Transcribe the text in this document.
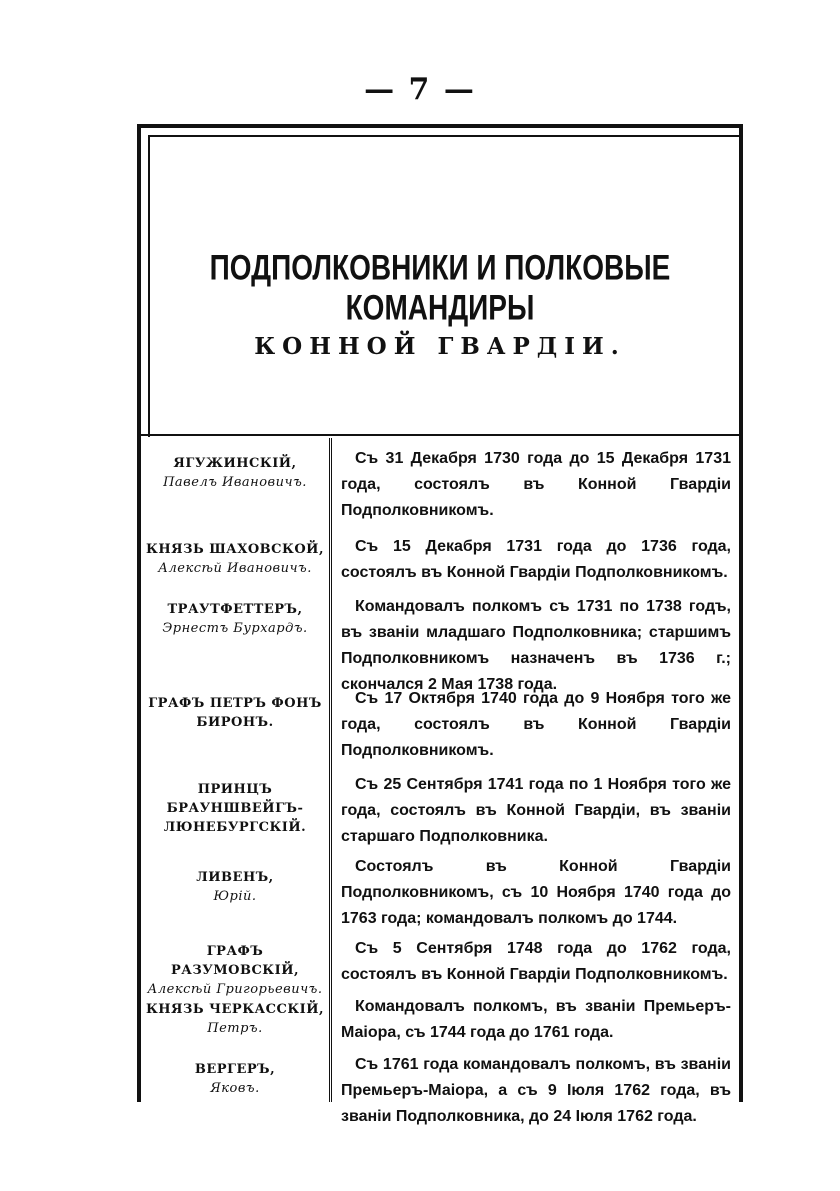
— 7 —
ПОДПОЛКОВНИКИ И ПОЛКОВЫЕ КОМАНДИРЫ
КОННОЙ ГВАРДІИ.
ЯГУЖИНСКІЙ,
Павелъ Ивановичъ.
Съ 31 Декабря 1730 года до 15 Декабря 1731 года, состоялъ въ Конной Гвардіи Подполковникомъ.
КНЯЗЬ ШАХОВСКОЙ,
Алексѣй Ивановичъ.
Съ 15 Декабря 1731 года до 1736 года, состоялъ въ Конной Гвардіи Подполковникомъ.
ТРАУТФЕТТЕРЪ,
Эрнестъ Бурхардъ.
Командовалъ полкомъ съ 1731 по 1738 годъ, въ званіи младшаго Подполковника; старшимъ Подполковникомъ назначенъ въ 1736 г.; скончался 2 Мая 1738 года.
ГРАФЪ ПЕТРЪ ФОНЪ БИРОНЪ.
Съ 17 Октября 1740 года до 9 Ноября того же года, состоялъ въ Конной Гвардіи Подполковникомъ.
ПРИНЦЪ БРАУНШВЕЙГЪ-ЛЮНЕБУРГСКІЙ.
Съ 25 Сентября 1741 года по 1 Ноября того же года, состоялъ въ Конной Гвардіи, въ званіи старшаго Подполковника.
ЛИВЕНЪ,
Юрій.
Состоялъ въ Конной Гвардіи Подполковникомъ, съ 10 Ноября 1740 года до 1763 года; командовалъ полкомъ до 1744.
ГРАФЪ РАЗУМОВСКІЙ,
Алексѣй Григорьевичъ.
Съ 5 Сентября 1748 года до 1762 года, состоялъ въ Конной Гвардіи Подполковникомъ.
КНЯЗЬ ЧЕРКАССКІЙ,
Петръ.
Командовалъ полкомъ, въ званіи Премьеръ-Маіора, съ 1744 года до 1761 года.
ВЕРГЕРЪ,
Яковъ.
Съ 1761 года командовалъ полкомъ, въ званіи Премьеръ-Маіора, а съ 9 Іюля 1762 года, въ званіи Подполковника, до 24 Іюля 1762 года.
